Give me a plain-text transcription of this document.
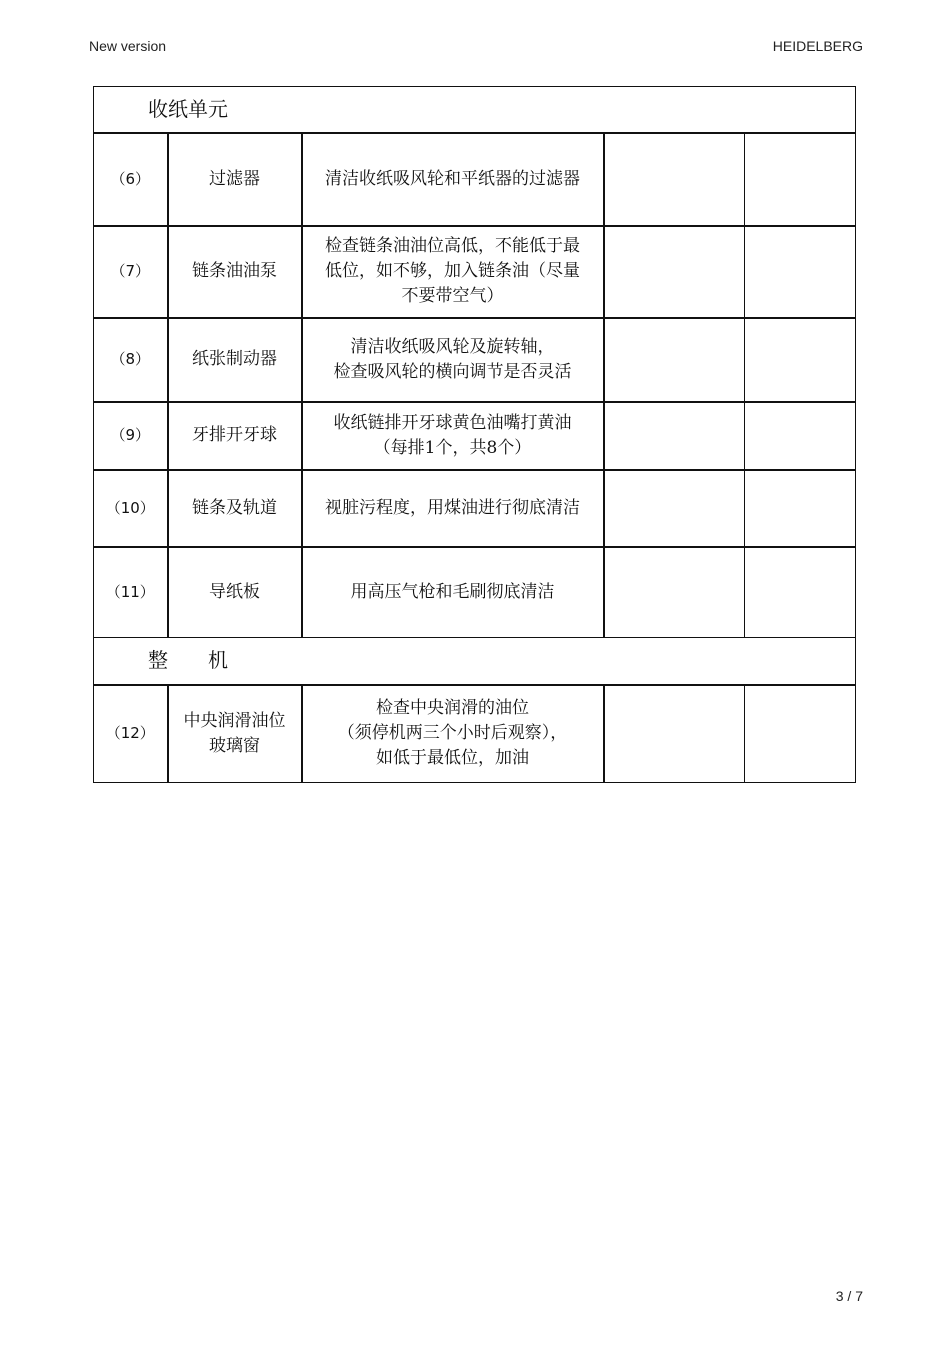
New version	HEIDELBERG
收纸单元				
（6）	过滤器	清洁收纸吸风轮和平纸器的过滤器		

（7）	链条油油泵	检查链条油油位高低，不能低于最
低位，如不够，加入链条油（尽量
不要带空气）		

（8）	纸张制动器	清洁收纸吸风轮及旋转轴，
检查吸风轮的横向调节是否灵活		

（9）	牙排开牙球	收纸链排开牙球黄色油嘴打黄油
（每排1个，共8个）		

（10）	链条及轨道	视脏污程度，用煤油进行彻底清洁		

（11）	导纸板	用高压气枪和毛刷彻底清洁		

整　　机				
（12）	中央润滑油位
玻璃窗	检查中央润滑的油位
（须停机两三个小时后观察），
如低于最低位，加油		

3 / 7
